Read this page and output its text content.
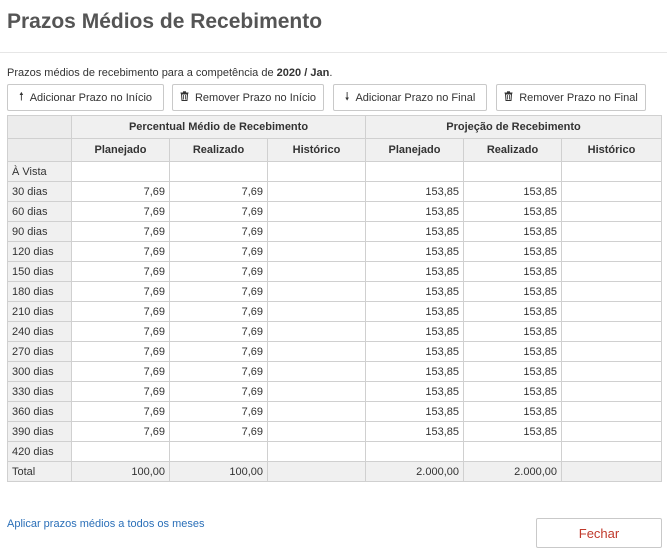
Prazos Médios de Recebimento
Prazos médios de recebimento para a competência de 2020 / Jan.
🠕 Adicionar Prazo no Início	Remover Prazo no Início	🠗 Adicionar Prazo no Final	Remover Prazo no Final
	Percentual Médio de Recebimento			Projeção de Recebimento		
	Planejado	Realizado	Histórico	Planejado	Realizado	Histórico
À Vista						
30 dias	7,69	7,69		153,85	153,85	
60 dias	7,69	7,69		153,85	153,85	
90 dias	7,69	7,69		153,85	153,85	
120 dias	7,69	7,69		153,85	153,85	
150 dias	7,69	7,69		153,85	153,85	
180 dias	7,69	7,69		153,85	153,85	
210 dias	7,69	7,69		153,85	153,85	
240 dias	7,69	7,69		153,85	153,85	
270 dias	7,69	7,69		153,85	153,85	
300 dias	7,69	7,69		153,85	153,85	
330 dias	7,69	7,69		153,85	153,85	
360 dias	7,69	7,69		153,85	153,85	
390 dias	7,69	7,69		153,85	153,85	
420 dias						
Total	100,00	100,00		2.000,00	2.000,00	
Aplicar prazos médios a todos os meses
Fechar
